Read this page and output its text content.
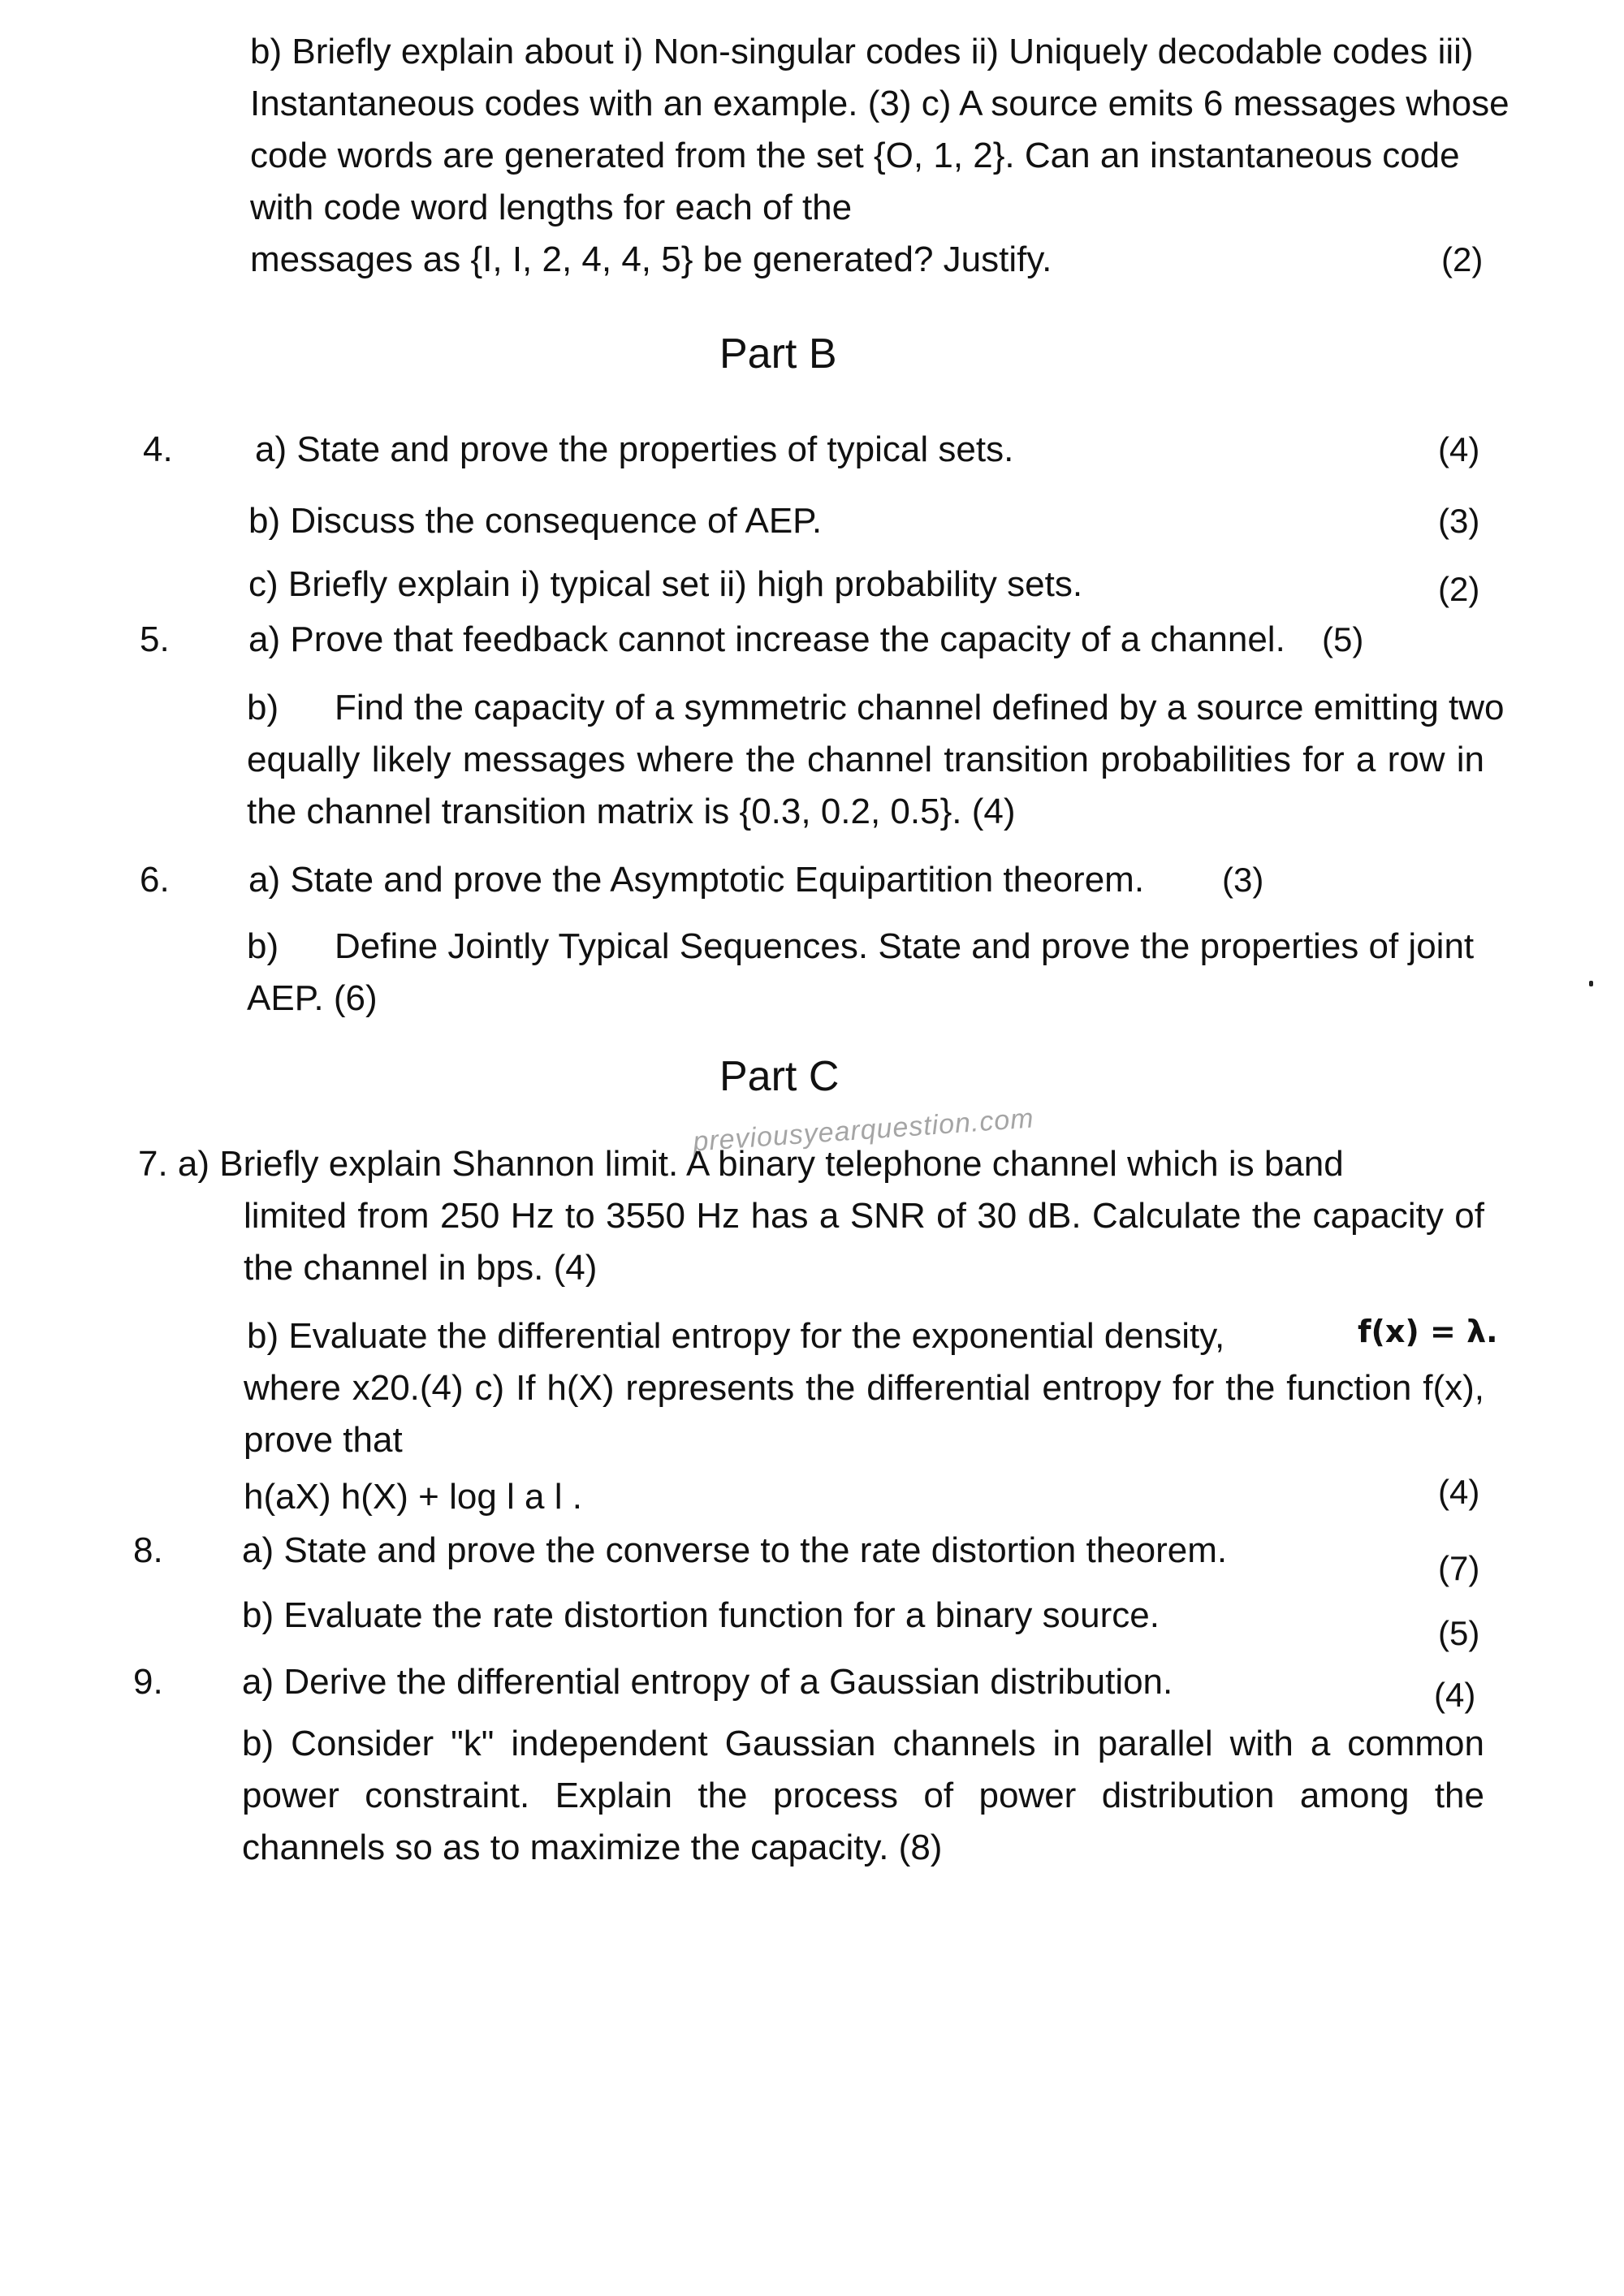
b) Briefly explain about i) Non-singular codes ii) Uniquely decodable codes iii)
Instantaneous codes with an example. (3) c) A source emits 6 messages whose
code words are generated from the set {O, 1, 2}. Can an instantaneous code
with code word lengths for each of the
messages as {I, I, 2, 4, 4, 5} be generated? Justify.	(2)
Part B
4. a) State and prove the properties of typical sets.	(4)
b) Discuss the consequence of AEP.	(3)
c) Briefly explain i) typical set ii) high probability sets.	(2)
5. a) Prove that feedback cannot increase the capacity of a channel. (5)
b) Find the capacity of a symmetric channel defined by a source emitting two
equally likely messages where the channel transition probabilities for a row in the channel transition matrix is {0.3, 0.2, 0.5}. (4)
6. a) State and prove the Asymptotic Equipartition theorem. (3)
b) Define Jointly Typical Sequences. State and prove the properties of joint
AEP. (6)
Part C
previousyearquestion.com
7. a) Briefly explain Shannon limit. A binary telephone channel which is band
limited from 250 Hz to 3550 Hz has a SNR of 30 dB. Calculate the capacity of the channel in bps. (4)
b) Evaluate the differential entropy for the exponential density,	f(x) = λ.
where x20.(4) c) If h(X) represents the differential entropy for the function f(x), prove that
h(aX) h(X) + log l a l .	(4)
8. a) State and prove the converse to the rate distortion theorem.	(7)
b) Evaluate the rate distortion function for a binary source.	(5)
9. a) Derive the differential entropy of a Gaussian distribution.	(4)
b) Consider "k" independent Gaussian channels in parallel with a common power constraint. Explain the process of power distribution among the channels so as to maximize the capacity. (8)
